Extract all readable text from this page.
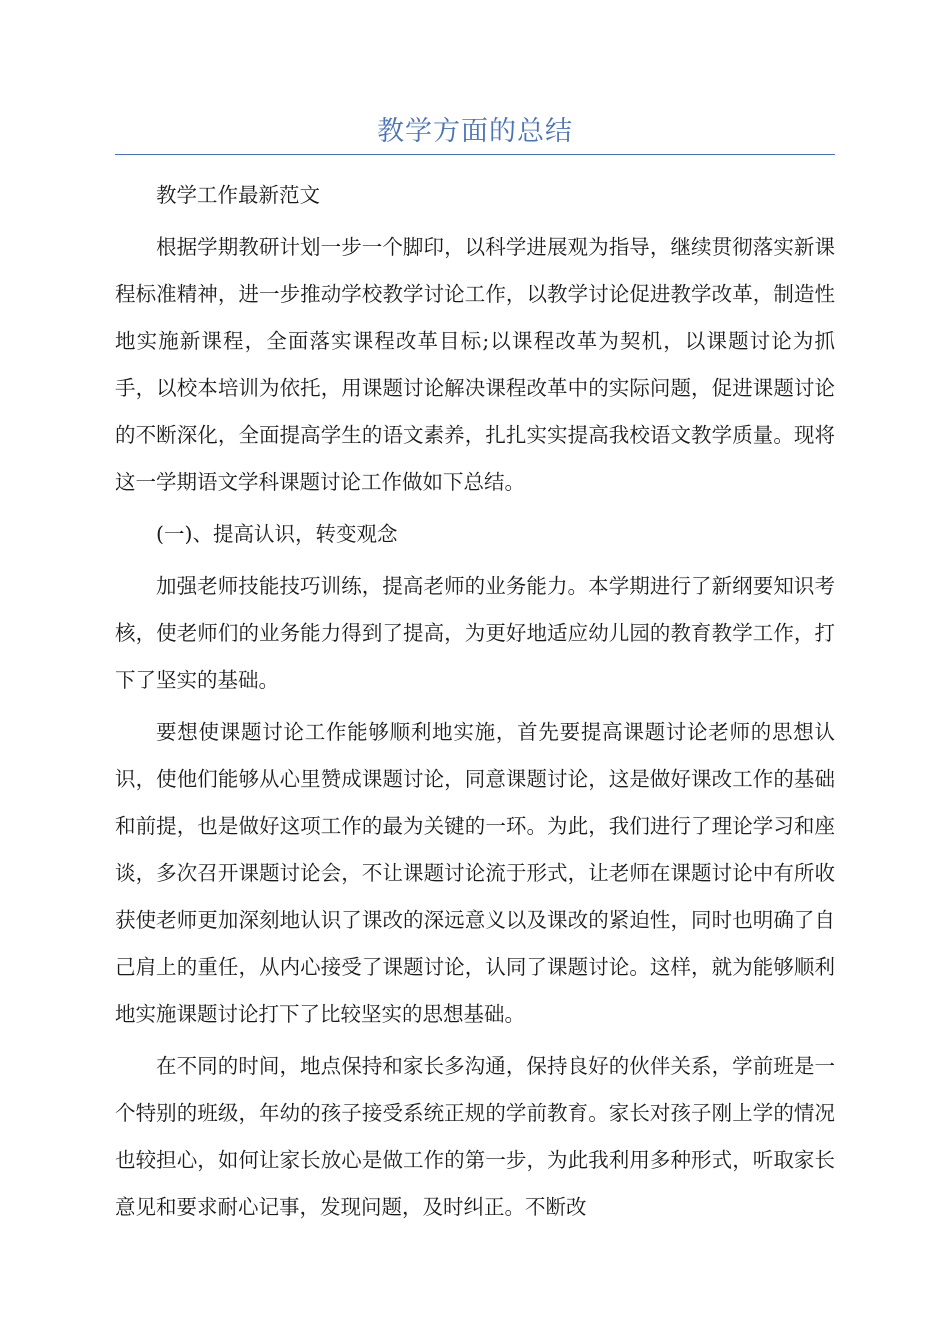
教学方面的总结

教学工作最新范文

根据学期教研计划一步一个脚印，以科学进展观为指导，继续贯彻落实新课程标准精神，进一步推动学校教学讨论工作，以教学讨论促进教学改革，制造性地实施新课程，全面落实课程改革目标;以课程改革为契机，以课题讨论为抓手，以校本培训为依托，用课题讨论解决课程改革中的实际问题，促进课题讨论的不断深化，全面提高学生的语文素养，扎扎实实提高我校语文教学质量。现将这一学期语文学科课题讨论工作做如下总结。

(一)、提高认识，转变观念

加强老师技能技巧训练，提高老师的业务能力。本学期进行了新纲要知识考核，使老师们的业务能力得到了提高，为更好地适应幼儿园的教育教学工作，打下了坚实的基础。

要想使课题讨论工作能够顺利地实施，首先要提高课题讨论老师的思想认识，使他们能够从心里赞成课题讨论，同意课题讨论，这是做好课改工作的基础和前提，也是做好这项工作的最为关键的一环。为此，我们进行了理论学习和座谈，多次召开课题讨论会，不让课题讨论流于形式，让老师在课题讨论中有所收获使老师更加深刻地认识了课改的深远意义以及课改的紧迫性，同时也明确了自己肩上的重任，从内心接受了课题讨论，认同了课题讨论。这样，就为能够顺利地实施课题讨论打下了比较坚实的思想基础。

在不同的时间，地点保持和家长多沟通，保持良好的伙伴关系，学前班是一个特别的班级，年幼的孩子接受系统正规的学前教育。家长对孩子刚上学的情况也较担心，如何让家长放心是做工作的第一步，为此我利用多种形式，听取家长意见和要求耐心记事，发现问题，及时纠正。不断改
